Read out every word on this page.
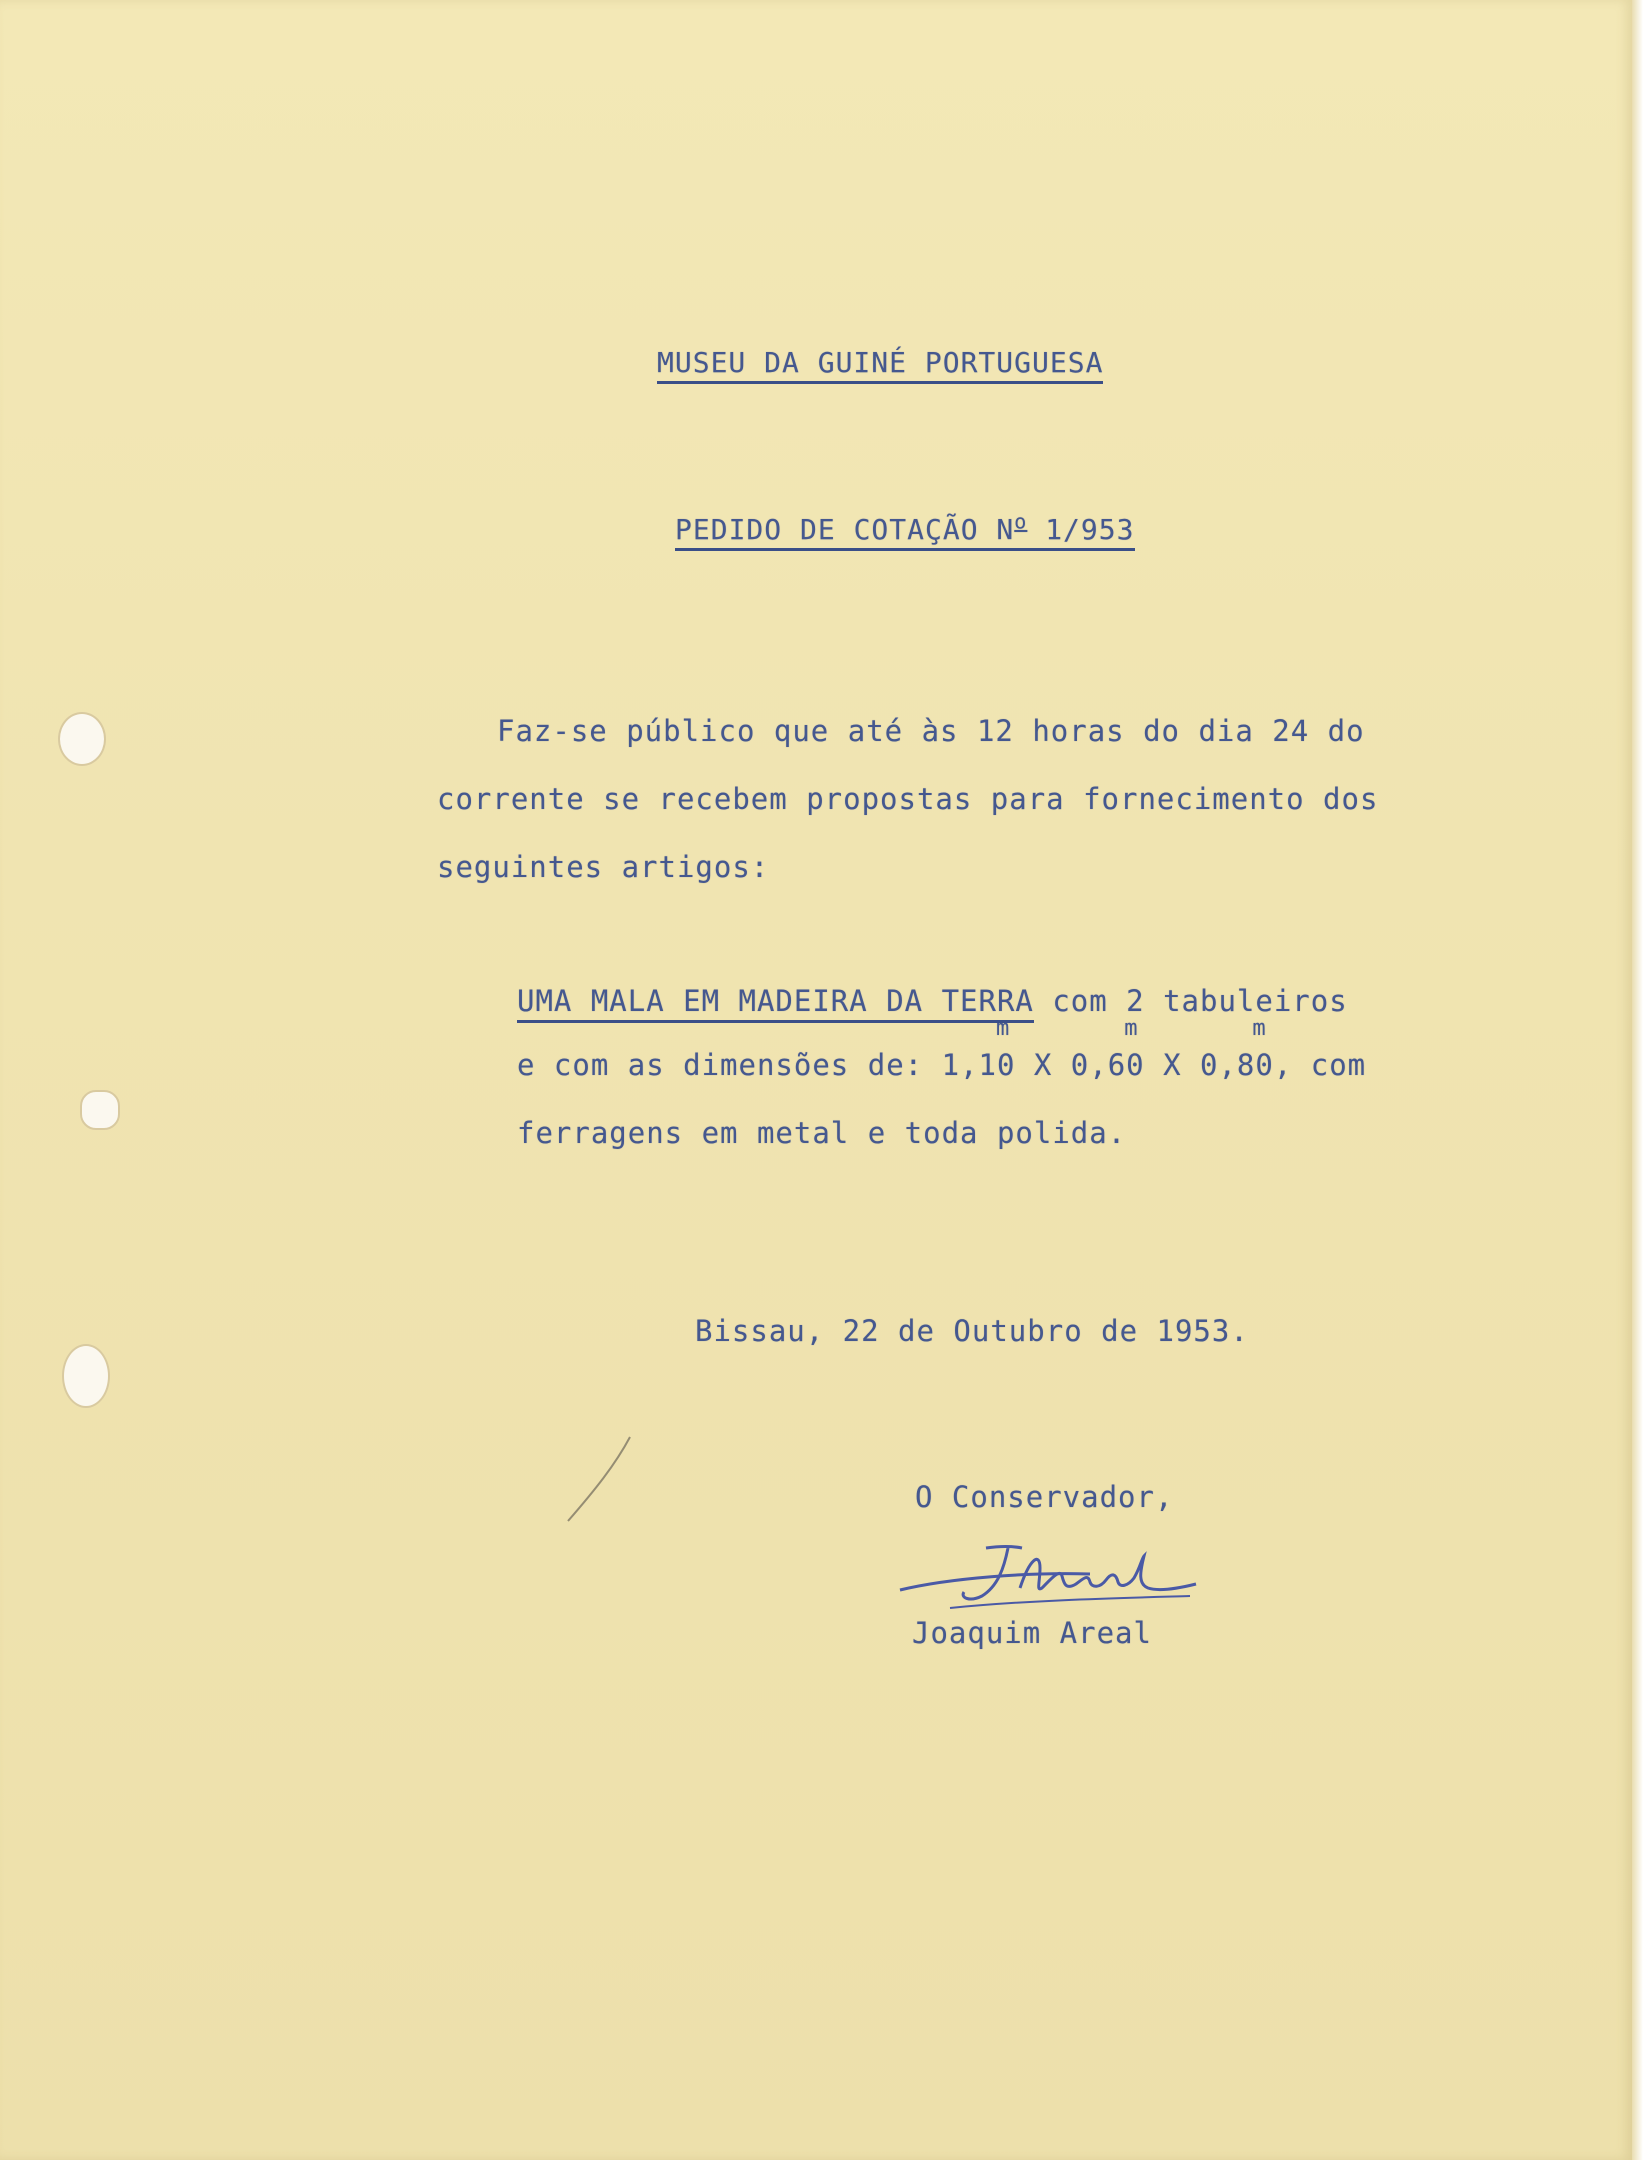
MUSEU DA GUINÉ PORTUGUESA

PEDIDO DE COTAÇÃO $N^o$ 1/953

Faz-se público que até às 12 horas do dia 24 do

corrente se recebem propostas para fornecimento dos

seguintes artigos:

UMA MALA EM MADEIRA DA TERRA com 2 tabuleiros

m        m        m

e com as dimensões de: 1,10 X 0,60 X 0,80, com

ferragens em metal e toda polida.

Bissau, 22 de Outubro de 1953.

O Conservador,

Joaquim Areal
